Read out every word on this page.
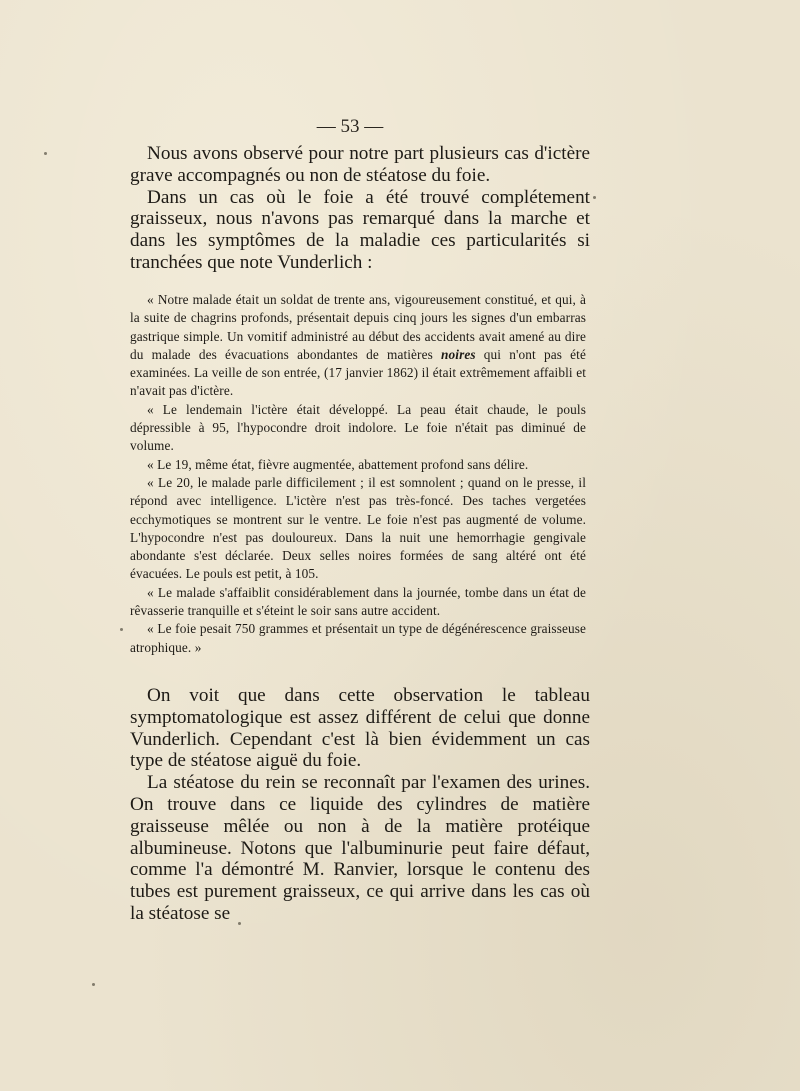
— 53 —

Nous avons observé pour notre part plusieurs cas d'ictère grave accompagnés ou non de stéatose du foie.

Dans un cas où le foie a été trouvé complétement graisseux, nous n'avons pas remarqué dans la marche et dans les symptômes de la maladie ces particularités si tranchées que note Vunderlich :

« Notre malade était un soldat de trente ans, vigoureusement constitué, et qui, à la suite de chagrins profonds, présentait depuis cinq jours les signes d'un embarras gastrique simple. Un vomitif administré au début des accidents avait amené au dire du malade des évacuations abondantes de matières noires qui n'ont pas été examinées. La veille de son entrée, (17 janvier 1862) il était extrêmement affaibli et n'avait pas d'ictère.

« Le lendemain l'ictère était développé. La peau était chaude, le pouls dépressible à 95, l'hypocondre droit indolore. Le foie n'était pas diminué de volume.

« Le 19, même état, fièvre augmentée, abattement profond sans délire.

« Le 20, le malade parle difficilement ; il est somnolent ; quand on le presse, il répond avec intelligence. L'ictère n'est pas très-foncé. Des taches vergetées ecchymotiques se montrent sur le ventre. Le foie n'est pas augmenté de volume. L'hypocondre n'est pas douloureux. Dans la nuit une hemorrhagie gengivale abondante s'est déclarée. Deux selles noires formées de sang altéré ont été évacuées. Le pouls est petit, à 105.

« Le malade s'affaiblit considérablement dans la journée, tombe dans un état de rêvasserie tranquille et s'éteint le soir sans autre accident.

« Le foie pesait 750 grammes et présentait un type de dégénérescence graisseuse atrophique. »

On voit que dans cette observation le tableau symptomatologique est assez différent de celui que donne Vunderlich. Cependant c'est là bien évidemment un cas type de stéatose aiguë du foie.

La stéatose du rein se reconnaît par l'examen des urines. On trouve dans ce liquide des cylindres de matière graisseuse mêlée ou non à de la matière protéique albumineuse. Notons que l'albuminurie peut faire défaut, comme l'a démontré M. Ranvier, lorsque le contenu des tubes est purement graisseux, ce qui arrive dans les cas où la stéatose se
